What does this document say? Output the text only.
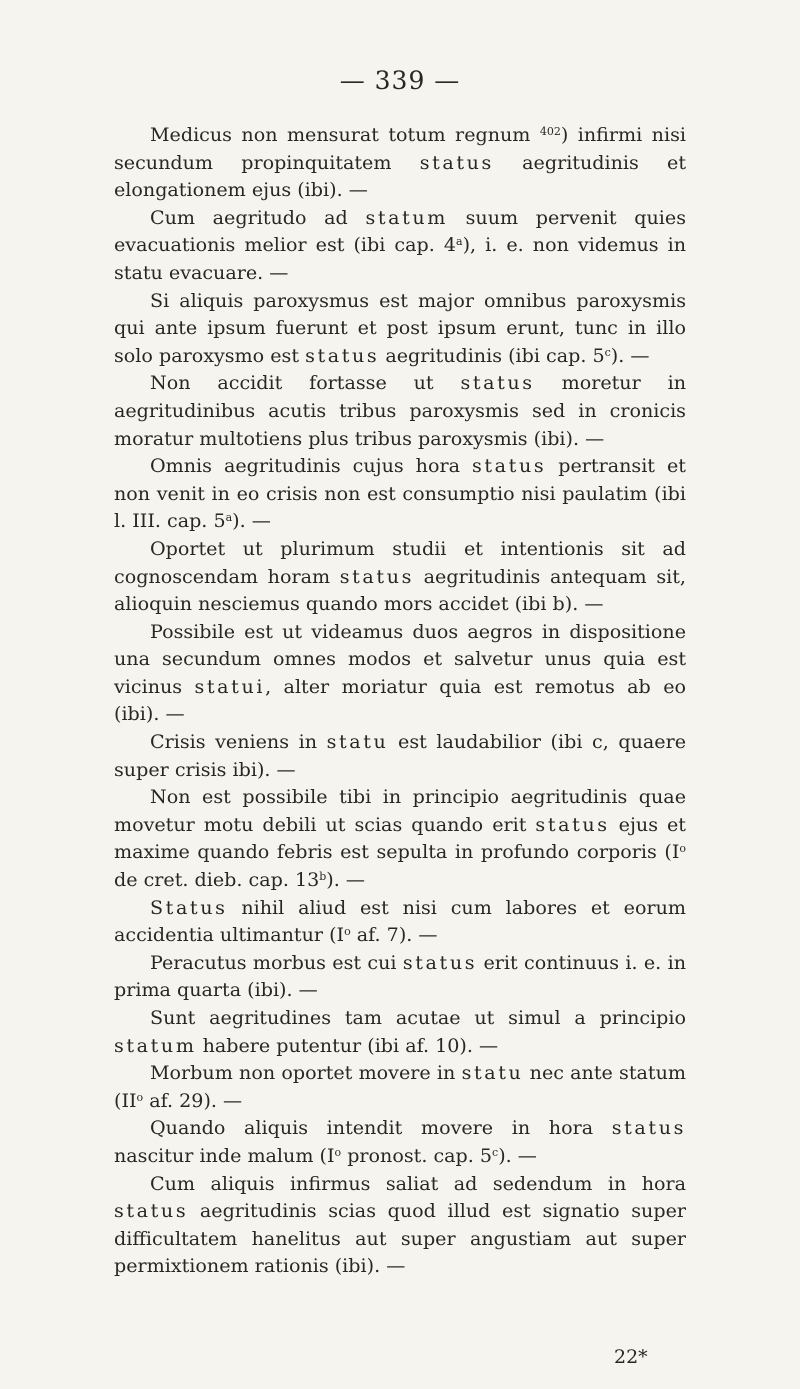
— 339 —

Medicus non mensurat totum regnum $^{402}$) infirmi nisi secundum propinquitatem status aegritudinis et elongationem ejus (ibi). —

Cum aegritudo ad statum suum pervenit quies evacuationis melior est (ibi cap. 4$^a$), i. e. non videmus in statu evacuare. —

Si aliquis paroxysmus est major omnibus paroxysmis qui ante ipsum fuerunt et post ipsum erunt, tunc in illo solo paroxysmo est status aegritudinis (ibi cap. 5$^c$). —

Non accidit fortasse ut status moretur in aegritudinibus acutis tribus paroxysmis sed in cronicis moratur multotiens plus tribus paroxysmis (ibi). —

Omnis aegritudinis cujus hora status pertransit et non venit in eo crisis non est consumptio nisi paulatim (ibi l. III. cap. 5$^a$). —

Oportet ut plurimum studii et intentionis sit ad cognoscendam horam status aegritudinis antequam sit, alioquin nesciemus quando mors accidet (ibi b). —

Possibile est ut videamus duos aegros in dispositione una secundum omnes modos et salvetur unus quia est vicinus statui, alter moriatur quia est remotus ab eo (ibi). —

Crisis veniens in statu est laudabilior (ibi c, quaere super crisis ibi). —

Non est possibile tibi in principio aegritudinis quae movetur motu debili ut scias quando erit status ejus et maxime quando febris est sepulta in profundo corporis ($I^o$ de cret. dieb. cap. 13$^b$). —

Status nihil aliud est nisi cum labores et eorum accidentia ultimantur ($I^o$ af. 7). —

Peracutus morbus est cui status erit continuus i. e. in prima quarta (ibi). —

Sunt aegritudines tam acutae ut simul a principio statum habere putentur (ibi af. 10). —

Morbum non oportet movere in statu nec ante statum ($II^o$ af. 29). —

Quando aliquis intendit movere in hora status nascitur inde malum ($I^o$ pronost. cap. 5$^c$). —

Cum aliquis infirmus saliat ad sedendum in hora status aegritudinis scias quod illud est signatio super difficultatem hanelitus aut super angustiam aut super permixtionem rationis (ibi). —

22*
